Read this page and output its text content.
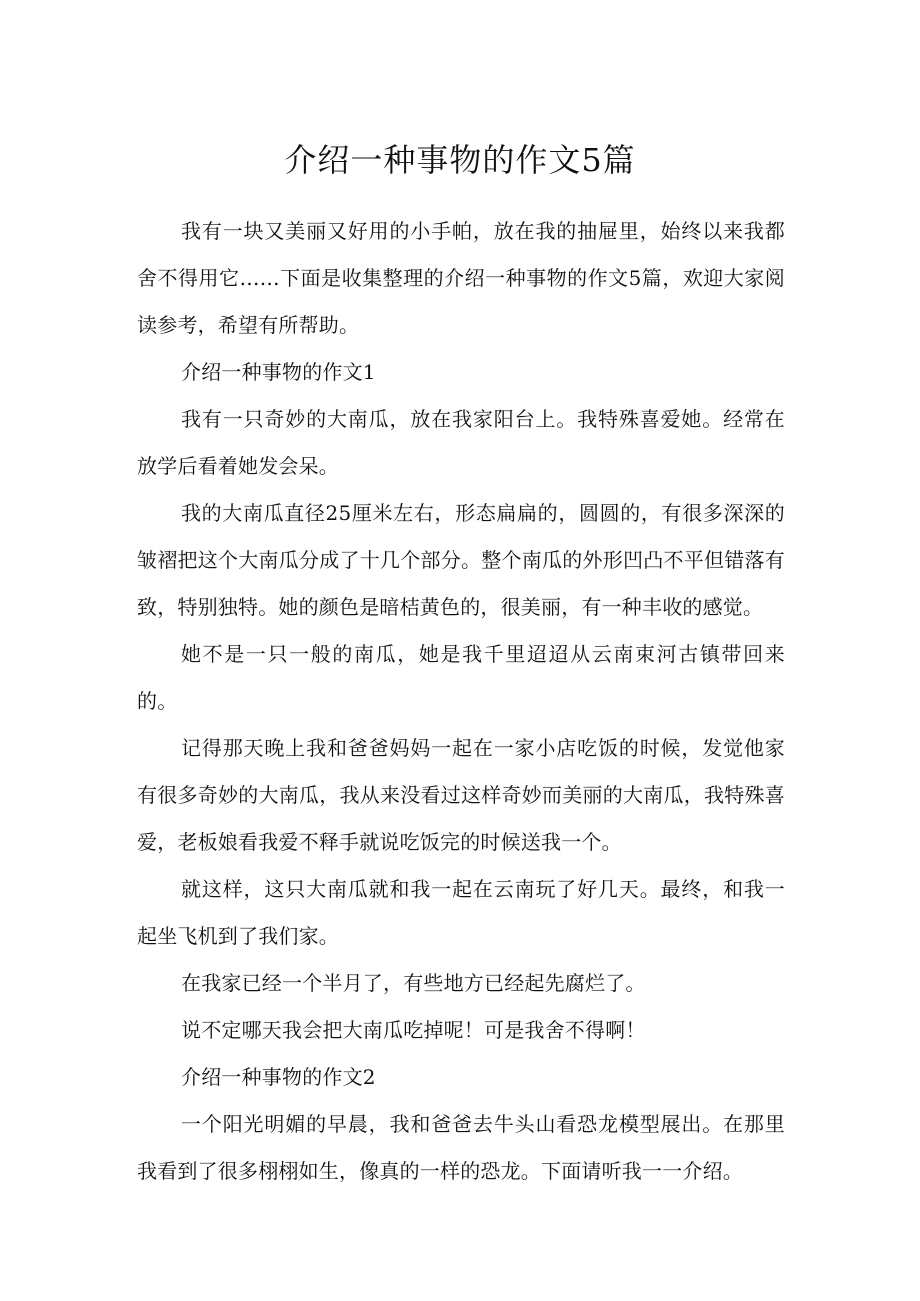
介绍一种事物的作文5篇

我有一块又美丽又好用的小手帕，放在我的抽屉里，始终以来我都舍不得用它……下面是收集整理的介绍一种事物的作文5篇，欢迎大家阅读参考，希望有所帮助。

介绍一种事物的作文1

我有一只奇妙的大南瓜，放在我家阳台上。我特殊喜爱她。经常在放学后看着她发会呆。

我的大南瓜直径25厘米左右，形态扁扁的，圆圆的，有很多深深的皱褶把这个大南瓜分成了十几个部分。整个南瓜的外形凹凸不平但错落有致，特别独特。她的颜色是暗桔黄色的，很美丽，有一种丰收的感觉。

她不是一只一般的南瓜，她是我千里迢迢从云南束河古镇带回来的。

记得那天晚上我和爸爸妈妈一起在一家小店吃饭的时候，发觉他家有很多奇妙的大南瓜，我从来没看过这样奇妙而美丽的大南瓜，我特殊喜爱，老板娘看我爱不释手就说吃饭完的时候送我一个。

就这样，这只大南瓜就和我一起在云南玩了好几天。最终，和我一起坐飞机到了我们家。

在我家已经一个半月了，有些地方已经起先腐烂了。

说不定哪天我会把大南瓜吃掉呢！可是我舍不得啊！

介绍一种事物的作文2

一个阳光明媚的早晨，我和爸爸去牛头山看恐龙模型展出。在那里我看到了很多栩栩如生，像真的一样的恐龙。下面请听我一一介绍。
